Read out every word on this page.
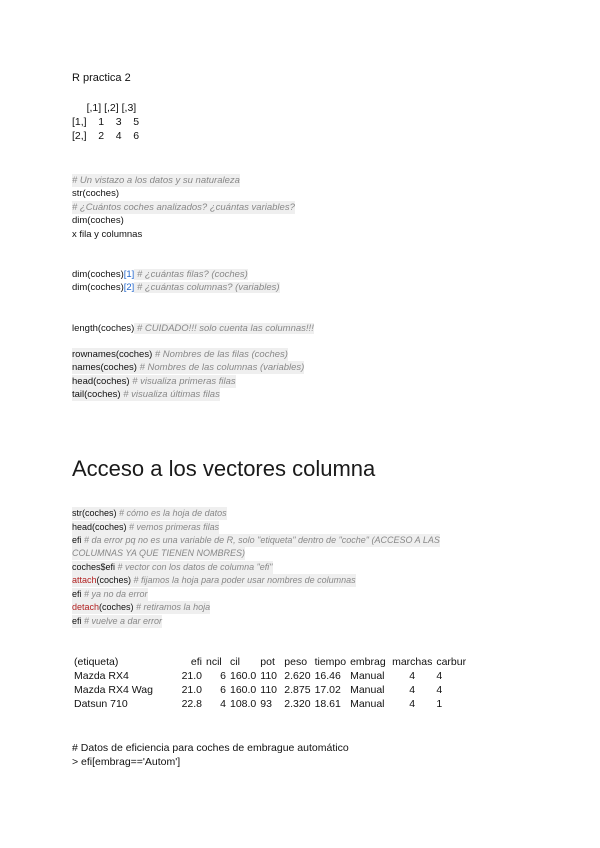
R practica 2
[,1] [,2] [,3]
[1,]    1    3    5
[2,]    2    4    6
# Un vistazo a los datos y su naturaleza
str(coches)
# ¿Cuántos coches analizados? ¿cuántas variables?
dim(coches)
x fila y columnas
dim(coches)[1] # ¿cuántas filas? (coches)
dim(coches)[2] # ¿cuántas columnas? (variables)
length(coches) # CUIDADO!!! solo cuenta las columnas!!!
rownames(coches) # Nombres de las filas (coches)
names(coches) # Nombres de las columnas (variables)
head(coches) # visualiza primeras filas
tail(coches) # visualiza últimas filas
Acceso a los vectores columna
str(coches) # cómo es la hoja de datos
head(coches) # vemos primeras filas
efi # da error pq no es una variable de R, solo "etiqueta" dentro de "coche" (ACCESO A LAS
COLUMNAS YA QUE TIENEN NOMBRES)
coches$efi # vector con los datos de columna "efi"
attach(coches) # fijamos la hoja para poder usar nombres de columnas
efi # ya no da error
detach(coches) # retiramos la hoja
efi # vuelve a dar error
(etiqueta)	efi	ncil	cil	pot	peso	tiempo	embrag	marchas	carbur
Mazda RX4	21.0	6	160.0	110	2.620	16.46	Manual	4	4
Mazda RX4 Wag	21.0	6	160.0	110	2.875	17.02	Manual	4	4
Datsun 710	22.8	4	108.0	93	2.320	18.61	Manual	4	1
# Datos de eficiencia para coches de embrague automático
> efi[embrag=='Autom']
